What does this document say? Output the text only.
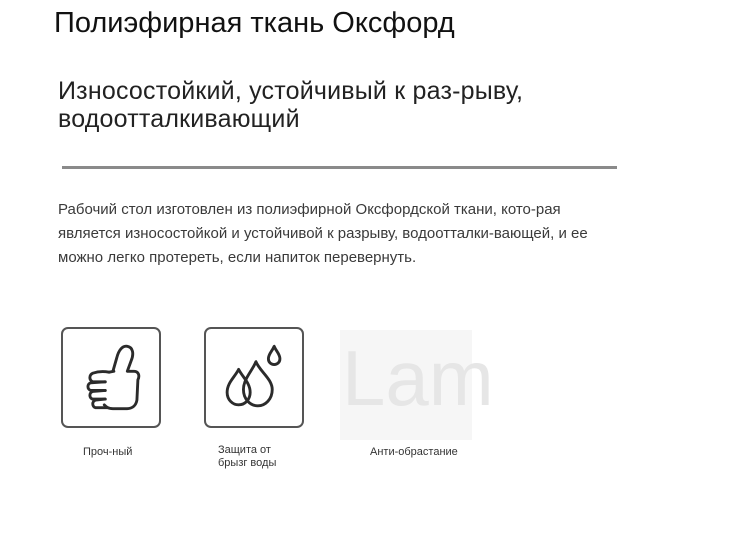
Полиэфирная ткань Оксфорд
Износостойкий, устойчивый к раз-рыву, водоотталкивающий

Рабочий стол изготовлен из полиэфирной Оксфордской ткани, кото-рая является износостойкой и устойчивой к разрыву, водоотталки-вающей, и ее можно легко протереть, если напиток перевернуть.

Lam
Проч-ный	Защита от брызг воды
Анти-обрастание
